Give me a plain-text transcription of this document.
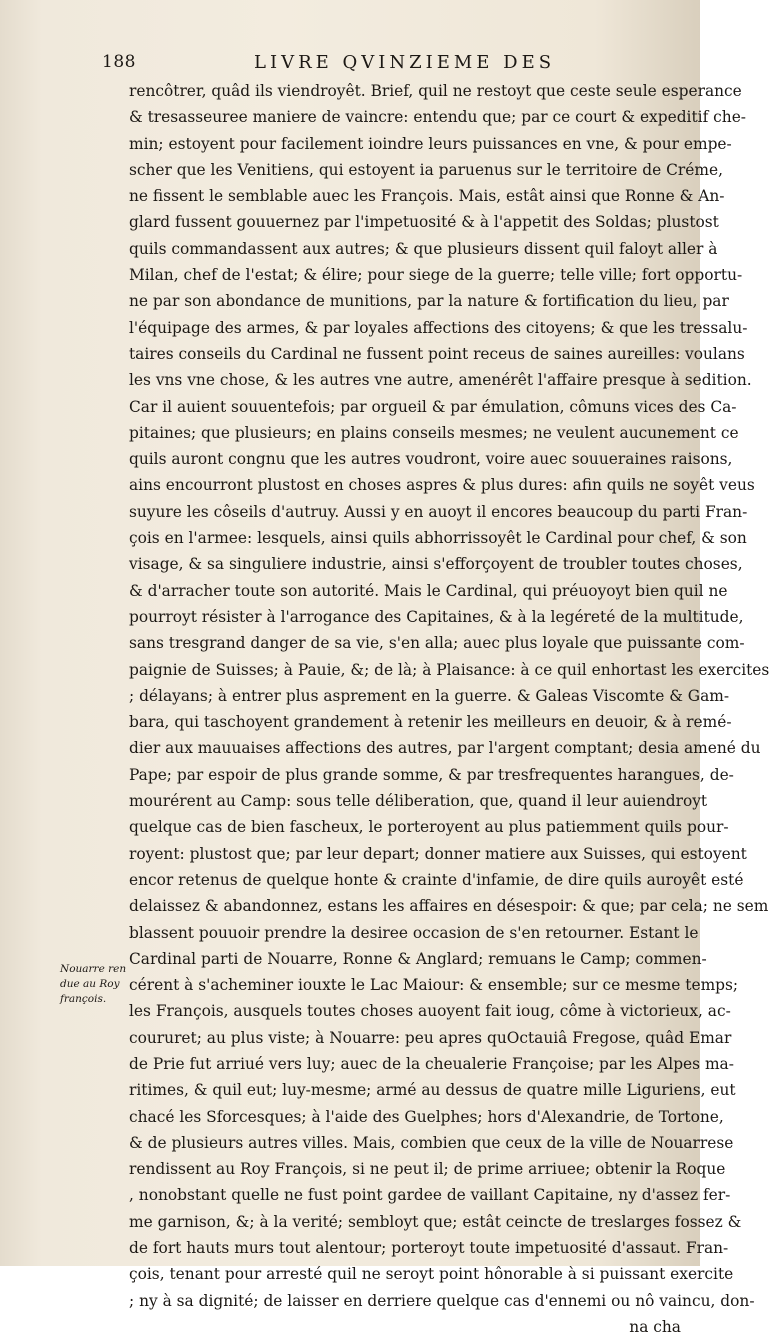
188	LIVRE QVINZIEME DES
rencôtrer, quâd ils viendroyêt. Brief, quil ne restoyt que ceste seule esperance
& tresasseuree maniere de vaincre: entendu que; par ce court & expeditif che-
min; estoyent pour facilement ioindre leurs puissances en vne, & pour empe-
scher que les Venitiens, qui estoyent ia paruenus sur le territoire de Créme,
ne fissent le semblable auec les François. Mais, estât ainsi que Ronne & An-
glard fussent gouuernez par l'impetuosité & à l'appetit des Soldas; plustost
quils commandassent aux autres; & que plusieurs dissent quil faloyt aller à
Milan, chef de l'estat; & élire; pour siege de la guerre; telle ville; fort opportu-
ne par son abondance de munitions, par la nature & fortification du lieu, par
l'équipage des armes, & par loyales affections des citoyens; & que les tressalu-
taires conseils du Cardinal ne fussent point receus de saines aureilles: voulans
les vns vne chose, & les autres vne autre, amenérêt l'affaire presque à sedition.
Car il auient souuentefois; par orgueil & par émulation, cômuns vices des Ca-
pitaines; que plusieurs; en plains conseils mesmes; ne veulent aucunement ce
quils auront congnu que les autres voudront, voire auec souueraines raisons,
ains encourront plustost en choses aspres & plus dures: afin quils ne soyêt veus
suyure les côseils d'autruy. Aussi y en auoyt il encores beaucoup du parti Fran-
çois en l'armee: lesquels, ainsi quils abhorrissoyêt le Cardinal pour chef, & son
visage, & sa singuliere industrie, ainsi s'efforçoyent de troubler toutes choses,
& d'arracher toute son autorité. Mais le Cardinal, qui préuoyoyt bien quil ne
pourroyt résister à l'arrogance des Capitaines, & à la legéreté de la multitude,
sans tresgrand danger de sa vie, s'en alla; auec plus loyale que puissante com-
paignie de Suisses; à Pauie, &; de là; à Plaisance: à ce quil enhortast les exercites
; délayans; à entrer plus asprement en la guerre. & Galeas Viscomte & Gam-
bara, qui taschoyent grandement à retenir les meilleurs en deuoir, & à remé-
dier aux mauuaises affections des autres, par l'argent comptant; desia amené du
Pape; par espoir de plus grande somme, & par tresfrequentes harangues, de-
mourérent au Camp: sous telle déliberation, que, quand il leur auiendroyt
quelque cas de bien fascheux, le porteroyent au plus patiemment quils pour-
royent: plustost que; par leur depart; donner matiere aux Suisses, qui estoyent
encor retenus de quelque honte & crainte d'infamie, de dire quils auroyêt esté
delaissez & abandonnez, estans les affaires en désespoir: & que; par cela; ne sem
blassent pouuoir prendre la desiree occasion de s'en retourner. Estant le
Cardinal parti de Nouarre, Ronne & Anglard; remuans le Camp; commen-
cérent à s'acheminer iouxte le Lac Maiour: & ensemble; sur ce mesme temps;
les François, ausquels toutes choses auoyent fait ioug, côme à victorieux, ac-
coururet; au plus viste; à Nouarre: peu apres quOctauiâ Fregose, quâd Emar
de Prie fut arriué vers luy; auec de la cheualerie Françoise; par les Alpes ma-
ritimes, & quil eut; luy-mesme; armé au dessus de quatre mille Liguriens, eut
chacé les Sforcesques; à l'aide des Guelphes; hors d'Alexandrie, de Tortone,
& de plusieurs autres villes. Mais, combien que ceux de la ville de Nouarrese
rendissent au Roy François, si ne peut il; de prime arriuee; obtenir la Roque
, nonobstant quelle ne fust point gardee de vaillant Capitaine, ny d'assez fer-
me garnison, &; à la verité; sembloyt que; estât ceincte de treslarges fossez &
de fort hauts murs tout alentour; porteroyt toute impetuosité d'assaut. Fran-
çois, tenant pour arresté quil ne seroyt point hônorable à si puissant exercite
; ny à sa dignité; de laisser en derriere quelque cas d'ennemi ou nô vaincu, don-
na cha
Nouarre ren
due au Roy
françois.
